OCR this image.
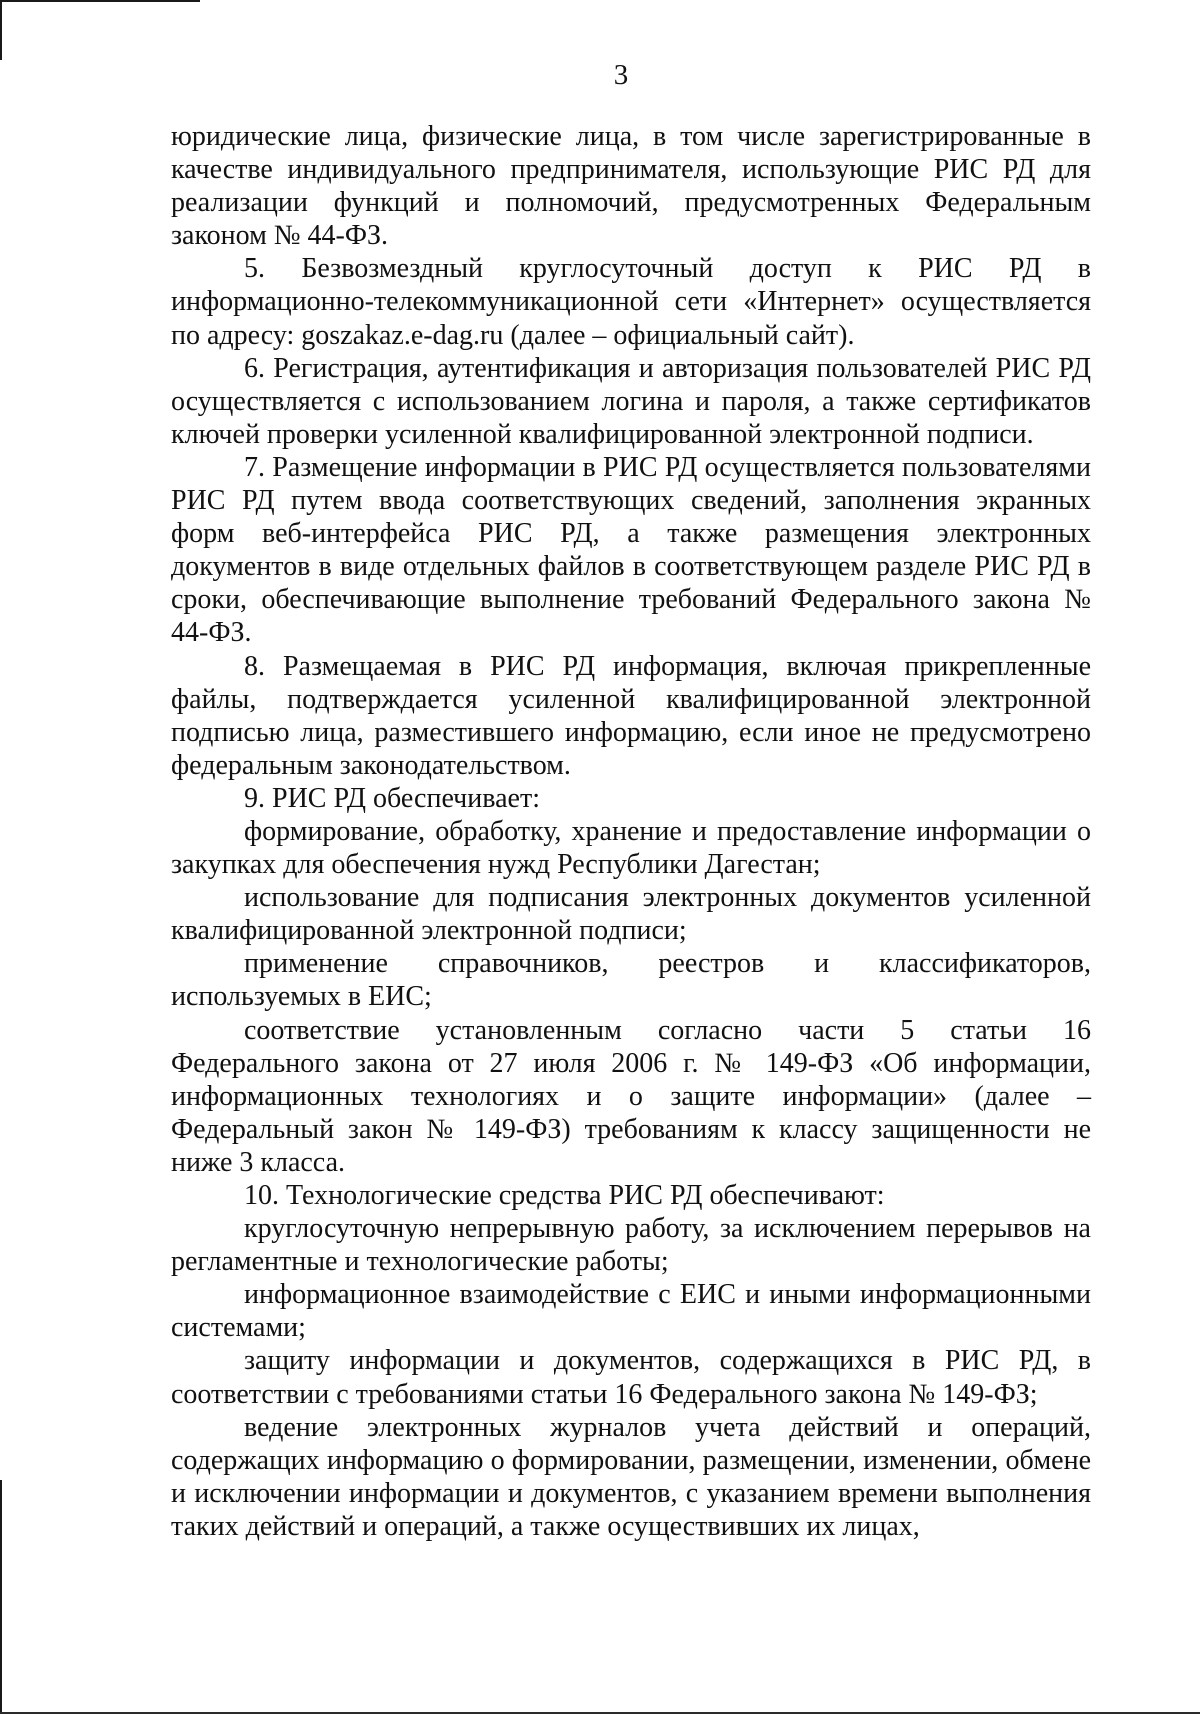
3

юридические лица, физические лица, в том числе зарегистрированные в качестве индивидуального предпринимателя, использующие РИС РД для реализации функций и полномочий, предусмотренных Федеральным законом № 44-ФЗ.

5. Безвозмездный круглосуточный доступ к РИС РД в информационно-телекоммуникационной сети «Интернет» осуществляется по адресу: goszakaz.e-dag.ru (далее – официальный сайт).

6. Регистрация, аутентификация и авторизация пользователей РИС РД осуществляется с использованием логина и пароля, а также сертификатов ключей проверки усиленной квалифицированной электронной подписи.

7. Размещение информации в РИС РД осуществляется пользователями РИС РД путем ввода соответствующих сведений, заполнения экранных форм веб-интерфейса РИС РД, а также размещения электронных документов в виде отдельных файлов в соответствующем разделе РИС РД в сроки, обеспечивающие выполнение требований Федерального закона № 44-ФЗ.

8. Размещаемая в РИС РД информация, включая прикрепленные файлы, подтверждается усиленной квалифицированной электронной подписью лица, разместившего информацию, если иное не предусмотрено федеральным законодательством.

9. РИС РД обеспечивает:

формирование, обработку, хранение и предоставление информации о закупках для обеспечения нужд Республики Дагестан;

использование для подписания электронных документов усиленной квалифицированной электронной подписи;

применение справочников, реестров и классификаторов, используемых в ЕИС;

соответствие установленным согласно части 5 статьи 16 Федерального закона от 27 июля 2006 г. № 149-ФЗ «Об информации, информационных технологиях и о защите информации» (далее – Федеральный закон № 149-ФЗ) требованиям к классу защищенности не ниже 3 класса.

10. Технологические средства РИС РД обеспечивают:

круглосуточную непрерывную работу, за исключением перерывов на регламентные и технологические работы;

информационное взаимодействие с ЕИС и иными информационными системами;

защиту информации и документов, содержащихся в РИС РД, в соответствии с требованиями статьи 16 Федерального закона № 149-ФЗ;

ведение электронных журналов учета действий и операций, содержащих информацию о формировании, размещении, изменении, обмене и исключении информации и документов, с указанием времени выполнения таких действий и операций, а также осуществивших их лицах,
